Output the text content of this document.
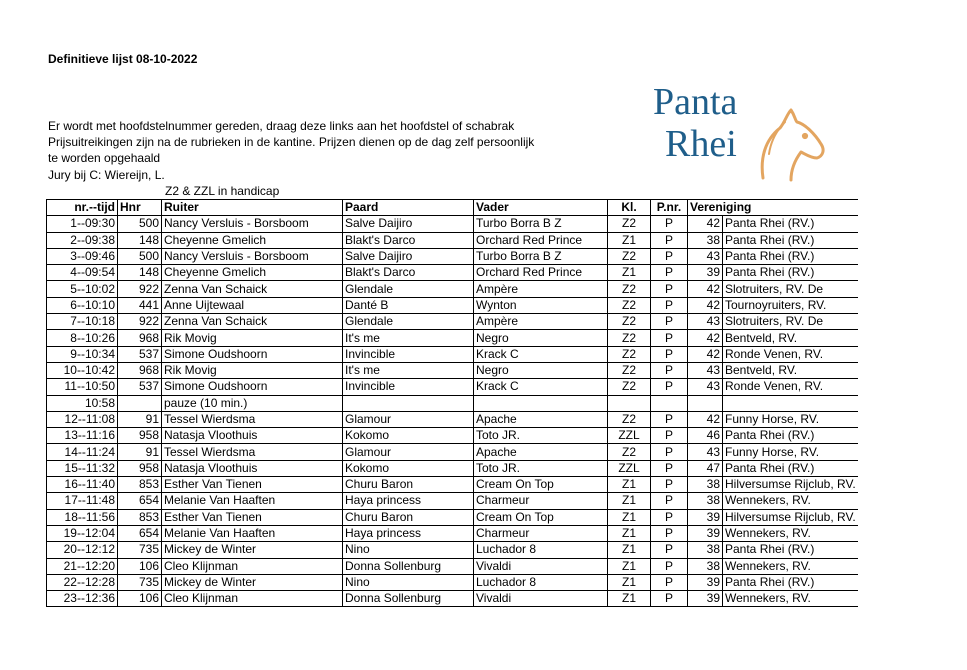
Definitieve lijst 08-10-2022
Panta
Rhei
Er wordt met hoofdstelnummer gereden, draag deze links aan het hoofdstel of schabrak
Prijsuitreikingen zijn na de rubrieken in de kantine. Prijzen dienen op de dag zelf persoonlijk
te worden opgehaald
Jury bij C: Wiereijn, L.
Z2 & ZZL in handicap
nr.--tijd	Hnr	Ruiter	Paard	Vader	Kl.	P.nr.	Vereniging	
1--09:30	500	Nancy Versluis - Borsboom	Salve Daijiro	Turbo Borra B Z	Z2	P	42	Panta Rhei (RV.)
2--09:38	148	Cheyenne Gmelich	Blakt's Darco	Orchard Red Prince	Z1	P	38	Panta Rhei (RV.)
3--09:46	500	Nancy Versluis - Borsboom	Salve Daijiro	Turbo Borra B Z	Z2	P	43	Panta Rhei (RV.)
4--09:54	148	Cheyenne Gmelich	Blakt's Darco	Orchard Red Prince	Z1	P	39	Panta Rhei (RV.)
5--10:02	922	Zenna Van Schaick	Glendale	Ampère	Z2	P	42	Slotruiters, RV. De
6--10:10	441	Anne Uijtewaal	Danté B	Wynton	Z2	P	42	Tournoyruiters, RV.
7--10:18	922	Zenna Van Schaick	Glendale	Ampère	Z2	P	43	Slotruiters, RV. De
8--10:26	968	Rik Movig	It's me	Negro	Z2	P	42	Bentveld, RV.
9--10:34	537	Simone Oudshoorn	Invincible	Krack C	Z2	P	42	Ronde Venen, RV.
10--10:42	968	Rik Movig	It's me	Negro	Z2	P	43	Bentveld, RV.
11--10:50	537	Simone Oudshoorn	Invincible	Krack C	Z2	P	43	Ronde Venen, RV.
10:58		pauze (10 min.)						
12--11:08	91	Tessel Wierdsma	Glamour	Apache	Z2	P	42	Funny Horse, RV.
13--11:16	958	Natasja Vloothuis	Kokomo	Toto JR.	ZZL	P	46	Panta Rhei (RV.)
14--11:24	91	Tessel Wierdsma	Glamour	Apache	Z2	P	43	Funny Horse, RV.
15--11:32	958	Natasja Vloothuis	Kokomo	Toto JR.	ZZL	P	47	Panta Rhei (RV.)
16--11:40	853	Esther Van Tienen	Churu Baron	Cream On Top	Z1	P	38	Hilversumse Rijclub, RV.
17--11:48	654	Melanie Van Haaften	Haya princess	Charmeur	Z1	P	38	Wennekers, RV.
18--11:56	853	Esther Van Tienen	Churu Baron	Cream On Top	Z1	P	39	Hilversumse Rijclub, RV.
19--12:04	654	Melanie Van Haaften	Haya princess	Charmeur	Z1	P	39	Wennekers, RV.
20--12:12	735	Mickey de Winter	Nino	Luchador 8	Z1	P	38	Panta Rhei (RV.)
21--12:20	106	Cleo Klijnman	Donna Sollenburg	Vivaldi	Z1	P	38	Wennekers, RV.
22--12:28	735	Mickey de Winter	Nino	Luchador 8	Z1	P	39	Panta Rhei (RV.)
23--12:36	106	Cleo Klijnman	Donna Sollenburg	Vivaldi	Z1	P	39	Wennekers, RV.
